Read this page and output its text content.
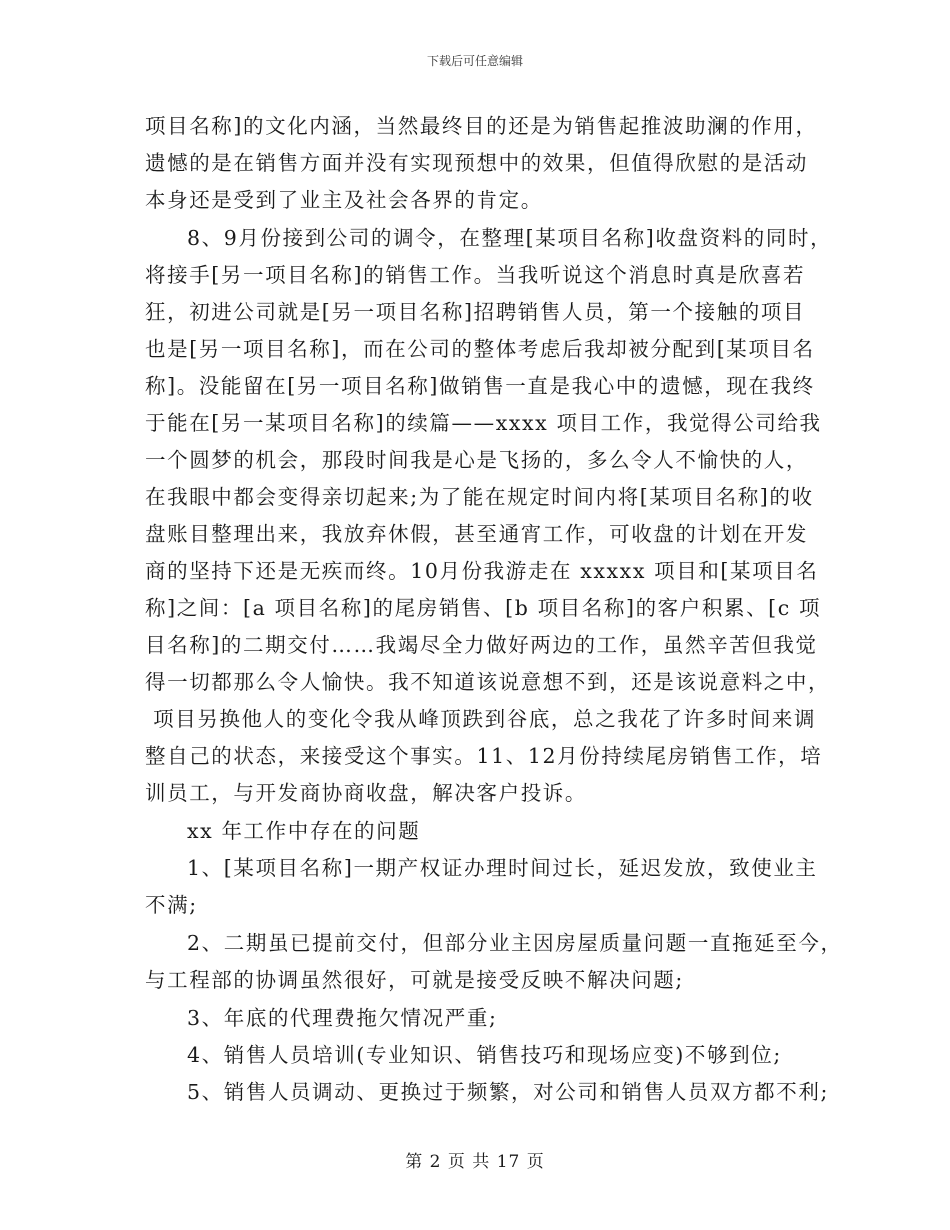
下载后可任意编辑
项目名称]的文化内涵，当然最终目的还是为销售起推波助澜的作用，
遗憾的是在销售方面并没有实现预想中的效果，但值得欣慰的是活动
本身还是受到了业主及社会各界的肯定。
8、9月份接到公司的调令，在整理[某项目名称]收盘资料的同时，
将接手[另一项目名称]的销售工作。当我听说这个消息时真是欣喜若
狂，初进公司就是[另一项目名称]招聘销售人员，第一个接触的项目
也是[另一项目名称]，而在公司的整体考虑后我却被分配到[某项目名
称]。没能留在[另一项目名称]做销售一直是我心中的遗憾，现在我终
于能在[另一某项目名称]的续篇——xxxx 项目工作，我觉得公司给我
一个圆梦的机会，那段时间我是心是飞扬的，多么令人不愉快的人，
在我眼中都会变得亲切起来;为了能在规定时间内将[某项目名称]的收
盘账目整理出来，我放弃休假，甚至通宵工作，可收盘的计划在开发
商的坚持下还是无疾而终。10月份我游走在 xxxxx 项目和[某项目名
称]之间：[a 项目名称]的尾房销售、[b 项目名称]的客户积累、[c 项
目名称]的二期交付……我竭尽全力做好两边的工作，虽然辛苦但我觉
得一切都那么令人愉快。我不知道该说意想不到，还是该说意料之中，
项目另换他人的变化令我从峰顶跌到谷底，总之我花了许多时间来调
整自己的状态，来接受这个事实。11、12月份持续尾房销售工作，培
训员工，与开发商协商收盘，解决客户投诉。
xx 年工作中存在的问题
1、[某项目名称]一期产权证办理时间过长，延迟发放，致使业主
不满;
2、二期虽已提前交付，但部分业主因房屋质量问题一直拖延至今，
与工程部的协调虽然很好，可就是接受反映不解决问题;
3、年底的代理费拖欠情况严重;
4、销售人员培训(专业知识、销售技巧和现场应变)不够到位;
5、销售人员调动、更换过于频繁，对公司和销售人员双方都不利;
第 2 页 共 17 页
